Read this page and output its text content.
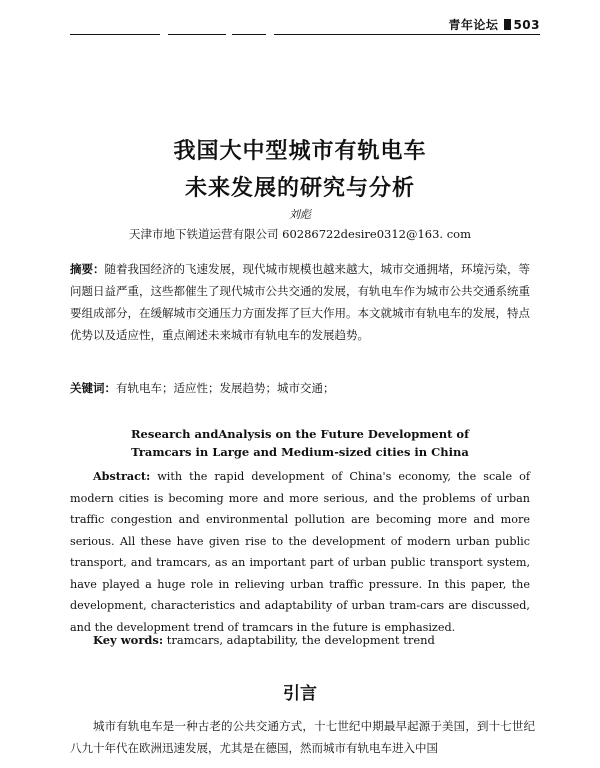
青年论坛 503
我国大中型城市有轨电车
未来发展的研究与分析
刘彪
天津市地下铁道运营有限公司 60286722desire0312@163. com
摘要：随着我国经济的飞速发展，现代城市规模也越来越大，城市交通拥堵，环境污染，等问题日益严重，这些都催生了现代城市公共交通的发展，有轨电车作为城市公共交通系统重要组成部分，在缓解城市交通压力方面发挥了巨大作用。本文就城市有轨电车的发展，特点优势以及适应性，重点阐述未来城市有轨电车的发展趋势。
关键词：有轨电车；适应性；发展趋势；城市交通；
Research andAnalysis on the Future Development of
Tramcars in Large and Medium-sized cities in China
Abstract: with the rapid development of China's economy, the scale of modern cities is becoming more and more serious, and the problems of urban traffic congestion and environmental pollution are becoming more and more serious. All these have given rise to the development of modern urban public transport, and tramcars, as an important part of urban public transport system, have played a huge role in relieving urban traffic pressure. In this paper, the development, characteristics and adaptability of urban tram-cars are discussed, and the development trend of tramcars in the future is emphasized.
Key words: tramcars, adaptability, the development trend
引言
城市有轨电车是一种古老的公共交通方式，十七世纪中期最早起源于美国，到十七世纪八九十年代在欧洲迅速发展，尤其是在德国，然而城市有轨电车进入中国
